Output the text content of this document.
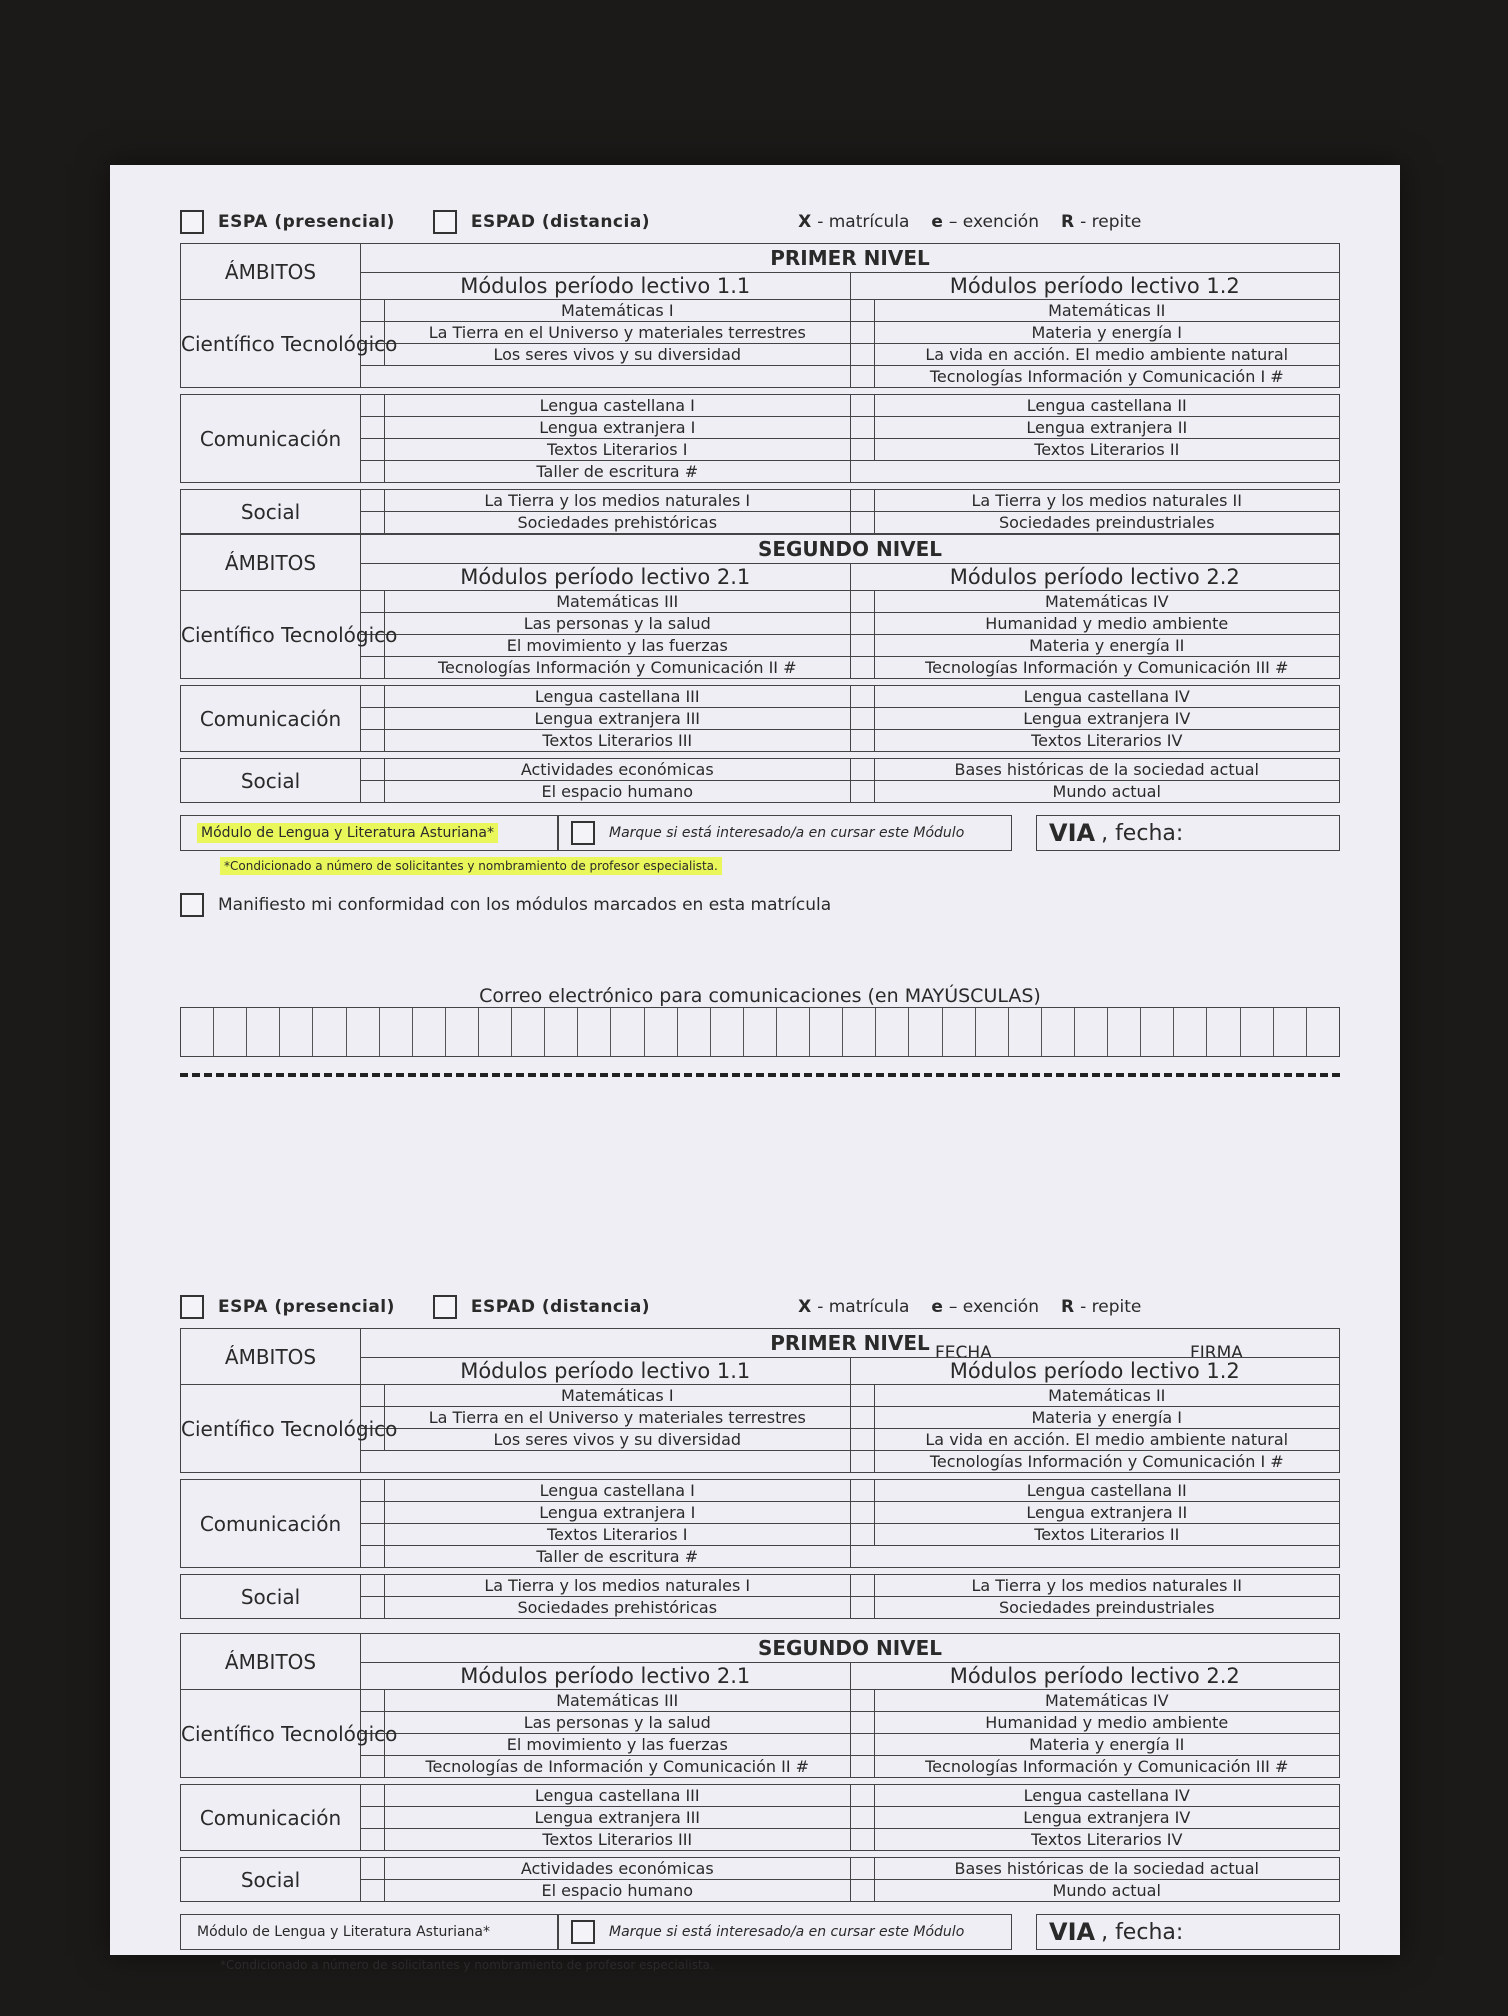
ESPA (presencial)	ESPAD (distancia)	X - matrícula e – exención R - repite
ÁMBITOS	PRIMER NIVEL			
	Módulos período lectivo 1.1		Módulos período lectivo 1.2	
Científico Tecnológico		Matemáticas I		Matemáticas II
		La Tierra en el Universo y materiales terrestres		Materia y energía I
		Los seres vivos y su diversidad		La vida en acción. El medio ambiente natural
				Tecnologías Información y Comunicación I #

Comunicación		Lengua castellana I		Lengua castellana II
		Lengua extranjera I		Lengua extranjera II
		Textos Literarios I		Textos Literarios II
		Taller de escritura #		

Social		La Tierra y los medios naturales I		La Tierra y los medios naturales II
		Sociedades prehistóricas		Sociedades preindustriales
ÁMBITOS	SEGUNDO NIVEL			
	Módulos período lectivo 2.1		Módulos período lectivo 2.2	
Científico Tecnológico		Matemáticas III		Matemáticas IV
		Las personas y la salud		Humanidad y medio ambiente
		El movimiento y las fuerzas		Materia y energía II
		Tecnologías Información y Comunicación II #		Tecnologías Información y Comunicación III #

Comunicación		Lengua castellana III		Lengua castellana IV
		Lengua extranjera III		Lengua extranjera IV
		Textos Literarios III		Textos Literarios IV

Social		Actividades económicas		Bases históricas de la sociedad actual
		El espacio humano		Mundo actual
Módulo de Lengua y Literatura Asturiana*	Marque si está interesado/a en cursar este Módulo	VIA , fecha:
*Condicionado a número de solicitantes y nombramiento de profesor especialista.
FECHA	FIRMA
Manifiesto mi conformidad con los módulos marcados en esta matrícula
Correo electrónico para comunicaciones (en MAYÚSCULAS)
ESPA (presencial)	ESPAD (distancia)	X - matrícula e – exención R - repite
ÁMBITOS	PRIMER NIVEL			
	Módulos período lectivo 1.1		Módulos período lectivo 1.2	
Científico Tecnológico		Matemáticas I		Matemáticas II
		La Tierra en el Universo y materiales terrestres		Materia y energía I
		Los seres vivos y su diversidad		La vida en acción. El medio ambiente natural
				Tecnologías Información y Comunicación I #

Comunicación		Lengua castellana I		Lengua castellana II
		Lengua extranjera I		Lengua extranjera II
		Textos Literarios I		Textos Literarios II
		Taller de escritura #		

Social		La Tierra y los medios naturales I		La Tierra y los medios naturales II
		Sociedades prehistóricas		Sociedades preindustriales
ÁMBITOS	SEGUNDO NIVEL			
	Módulos período lectivo 2.1		Módulos período lectivo 2.2	
Científico Tecnológico		Matemáticas III		Matemáticas IV
		Las personas y la salud		Humanidad y medio ambiente
		El movimiento y las fuerzas		Materia y energía II
		Tecnologías de Información y Comunicación II #		Tecnologías Información y Comunicación III #

Comunicación		Lengua castellana III		Lengua castellana IV
		Lengua extranjera III		Lengua extranjera IV
		Textos Literarios III		Textos Literarios IV

Social		Actividades económicas		Bases históricas de la sociedad actual
		El espacio humano		Mundo actual
Módulo de Lengua y Literatura Asturiana*	Marque si está interesado/a en cursar este Módulo	VIA , fecha:
*Condicionado a número de solicitantes y nombramiento de profesor especialista.
